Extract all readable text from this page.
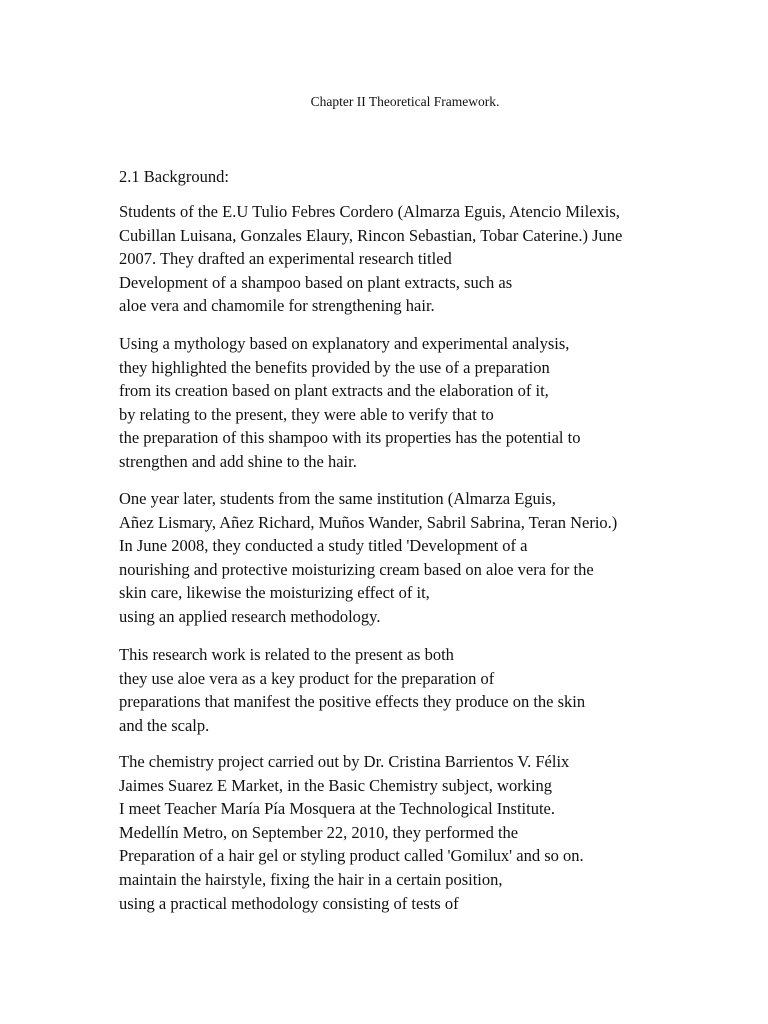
Chapter II Theoretical Framework.
2.1 Background:
Students of the E.U Tulio Febres Cordero (Almarza Eguis, Atencio Milexis,
Cubillan Luisana, Gonzales Elaury, Rincon Sebastian, Tobar Caterine.) June
2007. They drafted an experimental research titled
Development of a shampoo based on plant extracts, such as
aloe vera and chamomile for strengthening hair.
Using a mythology based on explanatory and experimental analysis,
they highlighted the benefits provided by the use of a preparation
from its creation based on plant extracts and the elaboration of it,
by relating to the present, they were able to verify that to
the preparation of this shampoo with its properties has the potential to
strengthen and add shine to the hair.
One year later, students from the same institution (Almarza Eguis,
Añez Lismary, Añez Richard, Muños Wander, Sabril Sabrina, Teran Nerio.)
In June 2008, they conducted a study titled 'Development of a
nourishing and protective moisturizing cream based on aloe vera for the
skin care, likewise the moisturizing effect of it,
using an applied research methodology.
This research work is related to the present as both
they use aloe vera as a key product for the preparation of
preparations that manifest the positive effects they produce on the skin
and the scalp.
The chemistry project carried out by Dr. Cristina Barrientos V. Félix
Jaimes Suarez E Market, in the Basic Chemistry subject, working
I meet Teacher María Pía Mosquera at the Technological Institute.
Medellín Metro, on September 22, 2010, they performed the
Preparation of a hair gel or styling product called 'Gomilux' and so on.
maintain the hairstyle, fixing the hair in a certain position,
using a practical methodology consisting of tests of
